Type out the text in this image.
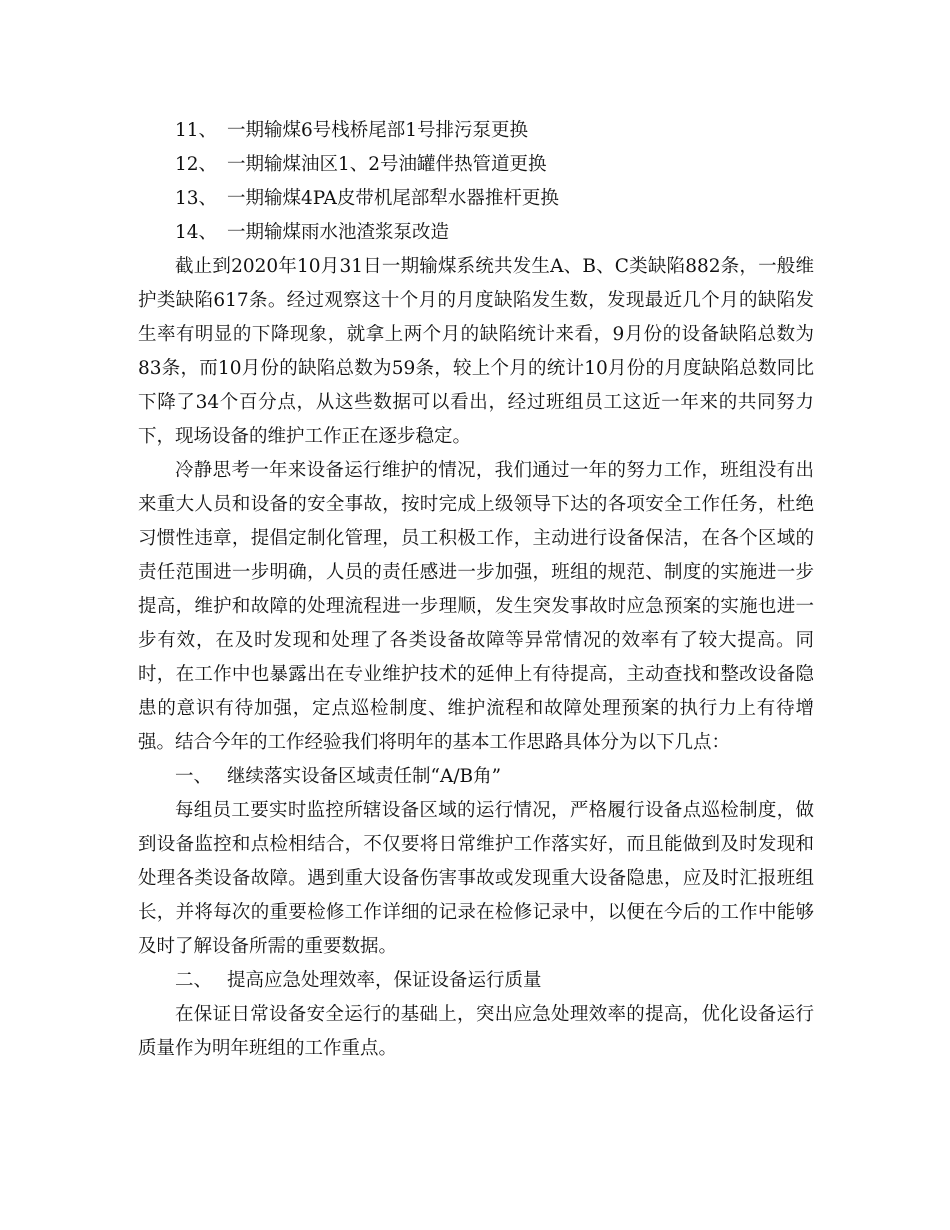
11、 一期输煤6号栈桥尾部1号排污泵更换

12、 一期输煤油区1、2号油罐伴热管道更换

13、 一期输煤4PA皮带机尾部犁水器推杆更换

14、 一期输煤雨水池渣浆泵改造

截止到2020年10月31日一期输煤系统共发生A、B、C类缺陷882条，一般维护类缺陷617条。经过观察这十个月的月度缺陷发生数，发现最近几个月的缺陷发生率有明显的下降现象，就拿上两个月的缺陷统计来看，9月份的设备缺陷总数为83条，而10月份的缺陷总数为59条，较上个月的统计10月份的月度缺陷总数同比下降了34个百分点，从这些数据可以看出，经过班组员工这近一年来的共同努力下，现场设备的维护工作正在逐步稳定。

冷静思考一年来设备运行维护的情况，我们通过一年的努力工作，班组没有出来重大人员和设备的安全事故，按时完成上级领导下达的各项安全工作任务，杜绝习惯性违章，提倡定制化管理，员工积极工作，主动进行设备保洁，在各个区域的责任范围进一步明确，人员的责任感进一步加强，班组的规范、制度的实施进一步提高，维护和故障的处理流程进一步理顺，发生突发事故时应急预案的实施也进一步有效，在及时发现和处理了各类设备故障等异常情况的效率有了较大提高。同时，在工作中也暴露出在专业维护技术的延伸上有待提高，主动查找和整改设备隐患的意识有待加强，定点巡检制度、维护流程和故障处理预案的执行力上有待增强。结合今年的工作经验我们将明年的基本工作思路具体分为以下几点：

一、 继续落实设备区域责任制“A/B角”

每组员工要实时监控所辖设备区域的运行情况，严格履行设备点巡检制度，做到设备监控和点检相结合，不仅要将日常维护工作落实好，而且能做到及时发现和处理各类设备故障。遇到重大设备伤害事故或发现重大设备隐患，应及时汇报班组长，并将每次的重要检修工作详细的记录在检修记录中，以便在今后的工作中能够及时了解设备所需的重要数据。

二、 提高应急处理效率，保证设备运行质量

在保证日常设备安全运行的基础上，突出应急处理效率的提高，优化设备运行质量作为明年班组的工作重点。
